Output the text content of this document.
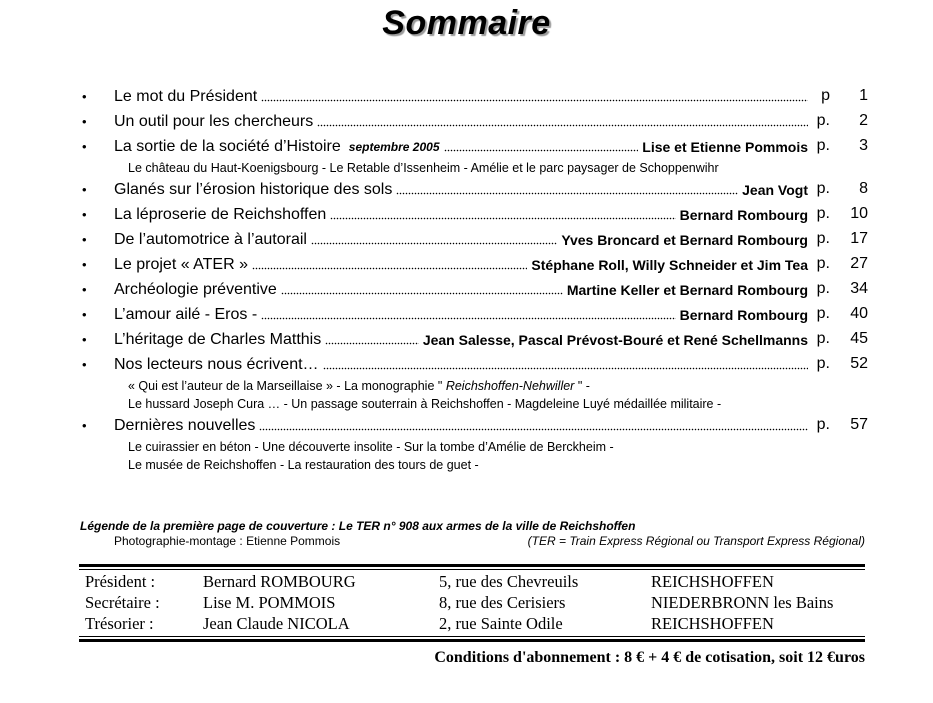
Sommaire
•	Le mot du Président	p	1
•	Un outil pour les chercheurs	p.	2
•	La sortie de la société d’Histoire septembre 2005	Lise et Etienne Pommois p.	3
Le château du Haut-Koenigsbourg - Le Retable d’Issenheim - Amélie et le parc paysager de Schoppenwihr
•	Glanés sur l’érosion historique des sols	Jean Vogt p.	8
•	La léproserie de Reichshoffen	Bernard Rombourg p.	10
•	De l’automotrice à l’autorail	Yves Broncard et Bernard Rombourg p.	17
•	Le projet « ATER »	Stéphane Roll, Willy Schneider et Jim Tea p.	27
•	Archéologie préventive	Martine Keller et Bernard Rombourg p.	34
•	L’amour ailé - Eros -	Bernard Rombourg p.	40
•	L’héritage de Charles Matthis	Jean Salesse, Pascal Prévost-Bouré et René Schellmanns p.	45
•	Nos lecteurs nous écrivent…	p.	52
« Qui est l’auteur de la Marseillaise » - La monographie " Reichshoffen-Nehwiller " -Le hussard Joseph Cura … - Un passage souterrain à Reichshoffen - Magdeleine Luyé médaillée militaire -
•	Dernières nouvelles	p.	57
Le cuirassier en béton - Une découverte insolite - Sur la tombe d’Amélie de Berckheim -Le musée de Reichshoffen - La restauration des tours de guet -
Légende de la première page de couverture : Le TER n° 908 aux armes de la ville de Reichshoffen
Photographie-montage : Etienne Pommois	(TER = Train Express Régional ou Transport Express Régional)
Président :	Bernard ROMBOURG	5, rue des Chevreuils	REICHSHOFFEN
Secrétaire :	Lise M. POMMOIS	8, rue des Cerisiers	NIEDERBRONN les Bains
Trésorier :	Jean Claude NICOLA	2, rue Sainte Odile	REICHSHOFFEN
Conditions d'abonnement : 8 € + 4 € de cotisation, soit 12 €uros
